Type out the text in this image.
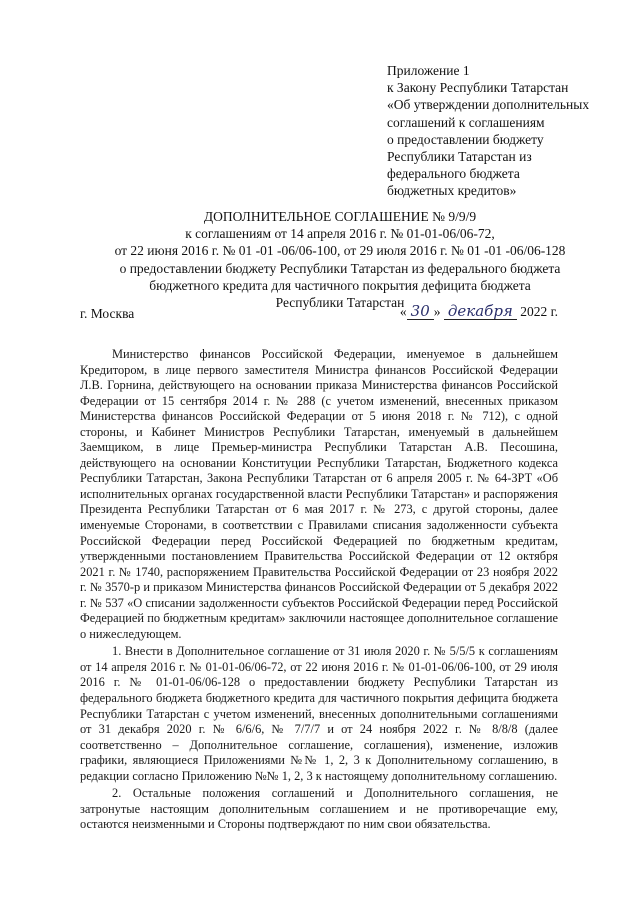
Приложение 1
к Закону Республики Татарстан
«Об утверждении дополнительных
соглашений к соглашениям
о предоставлении бюджету
Республики Татарстан из
федерального бюджета
бюджетных кредитов»
ДОПОЛНИТЕЛЬНОЕ СОГЛАШЕНИЕ № 9/9/9
к соглашениям от 14 апреля 2016 г. № 01-01-06/06-72,
от 22 июня 2016 г. № 01 -01 -06/06-100, от 29 июля 2016 г. № 01 -01 -06/06-128
о предоставлении бюджету Республики Татарстан из федерального бюджета
бюджетного кредита для частичного покрытия дефицита бюджета
Республики Татарстан
г. Москва	« 30 » декабря 2022 г.

Министерство финансов Российской Федерации, именуемое в дальнейшем Кредитором, в лице первого заместителя Министра финансов Российской Федерации Л.В. Горнина, действующего на основании приказа Министерства финансов Российской Федерации от 15 сентября 2014 г. № 288 (с учетом изменений, внесенных приказом Министерства финансов Российской Федерации от 5 июня 2018 г. № 712), с одной стороны, и Кабинет Министров Республики Татарстан, именуемый в дальнейшем Заемщиком, в лице Премьер-министра Республики Татарстан А.В. Песошина, действующего на основании Конституции Республики Татарстан, Бюджетного кодекса Республики Татарстан, Закона Республики Татарстан от 6 апреля 2005 г. № 64-ЗРТ «Об исполнительных органах государственной власти Республики Татарстан» и распоряжения Президента Республики Татарстан от 6 мая 2017 г. № 273, с другой стороны, далее именуемые Сторонами, в соответствии с Правилами списания задолженности субъекта Российской Федерации перед Российской Федерацией по бюджетным кредитам, утвержденными постановлением Правительства Российской Федерации от 12 октября 2021 г. № 1740, распоряжением Правительства Российской Федерации от 23 ноября 2022 г. № 3570-р и приказом Министерства финансов Российской Федерации от 5 декабря 2022 г. № 537 «О списании задолженности субъектов Российской Федерации перед Российской Федерацией по бюджетным кредитам» заключили настоящее дополнительное соглашение о нижеследующем.

1. Внести в Дополнительное соглашение от 31 июля 2020 г. № 5/5/5 к соглашениям от 14 апреля 2016 г. № 01-01-06/06-72, от 22 июня 2016 г. № 01-01-06/06-100, от 29 июля 2016 г. № 01-01-06/06-128 о предоставлении бюджету Республики Татарстан из федерального бюджета бюджетного кредита для частичного покрытия дефицита бюджета Республики Татарстан с учетом изменений, внесенных дополнительными соглашениями от 31 декабря 2020 г. № 6/6/6, № 7/7/7 и от 24 ноября 2022 г. № 8/8/8 (далее соответственно – Дополнительное соглашение, соглашения), изменение, изложив графики, являющиеся Приложениями №№ 1, 2, 3 к Дополнительному соглашению, в редакции согласно Приложению №№ 1, 2, 3 к настоящему дополнительному соглашению.

2. Остальные положения соглашений и Дополнительного соглашения, не затронутые настоящим дополнительным соглашением и не противоречащие ему, остаются неизменными и Стороны подтверждают по ним свои обязательства.
